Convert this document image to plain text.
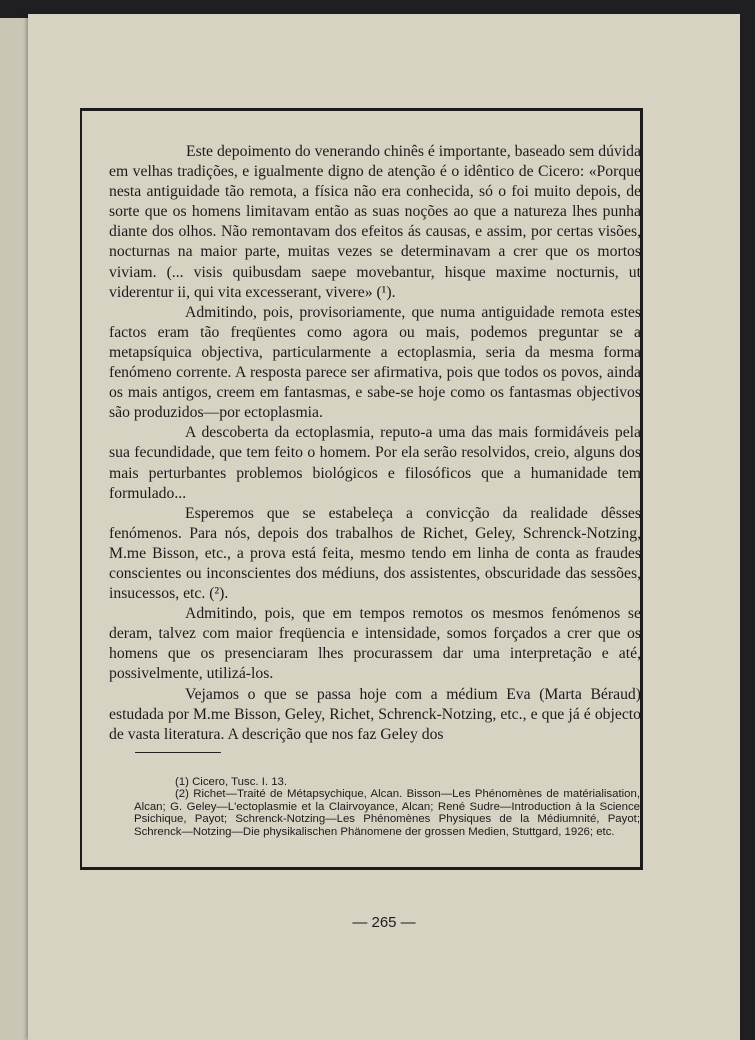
Este depoimento do venerando chinês é importante, baseado sem dúvida em velhas tradições, e igualmente digno de atenção é o idêntico de Cicero: «Porque nesta antiguidade tão remota, a física não era conhecida, só o foi muito depois, de sorte que os homens limitavam então as suas noções ao que a natureza lhes punha diante dos olhos. Não remontavam dos efeitos ás causas, e assim, por certas visões, nocturnas na maior parte, muitas vezes se determinavam a crer que os mortos viviam. (... visis quibusdam saepe movebantur, hisque maxime nocturnis, ut viderentur ii, qui vita excesserant, vivere» (¹).

Admitindo, pois, provisoriamente, que numa antiguidade remota estes factos eram tão freqüentes como agora ou mais, podemos preguntar se a metapsíquica objectiva, particularmente a ectoplasmia, seria da mesma forma fenómeno corrente. A resposta parece ser afirmativa, pois que todos os povos, ainda os mais antigos, creem em fantasmas, e sabe-se hoje como os fantasmas objectivos são produzidos—por ectoplasmia.

A descoberta da ectoplasmia, reputo-a uma das mais formidáveis pela sua fecundidade, que tem feito o homem. Por ela serão resolvidos, creio, alguns dos mais perturbantes problemos biológicos e filosóficos que a humanidade tem formulado...

Esperemos que se estabeleça a convicção da realidade dêsses fenómenos. Para nós, depois dos trabalhos de Richet, Geley, Schrenck-Notzing, M.me Bisson, etc., a prova está feita, mesmo tendo em linha de conta as fraudes conscientes ou inconscientes dos médiuns, dos assistentes, obscuridade das sessões, insucessos, etc. (²).

Admitindo, pois, que em tempos remotos os mesmos fenómenos se deram, talvez com maior freqüencia e intensidade, somos forçados a crer que os homens que os presenciaram lhes procurassem dar uma interpretação e até, possivelmente, utilizá-los.

Vejamos o que se passa hoje com a médium Eva (Marta Béraud) estudada por M.me Bisson, Geley, Richet, Schrenck-Notzing, etc., e que já é objecto de vasta literatura. A descrição que nos faz Geley dos

(1) Cicero, Tusc. I. 13.

(2) Richet—Traité de Métapsychique, Alcan. Bisson—Les Phénomènes de matérialisation, Alcan; G. Geley—L'ectoplasmie et la Clairvoyance, Alcan; René Sudre—Introduction à la Science Psichique, Payot; Schrenck-Notzing—Les Phénomènes Physiques de la Médiumnité, Payot; Schrenck—Notzing—Die physikalischen Phänomene der grossen Medien, Stuttgard, 1926; etc.

— 265 —
